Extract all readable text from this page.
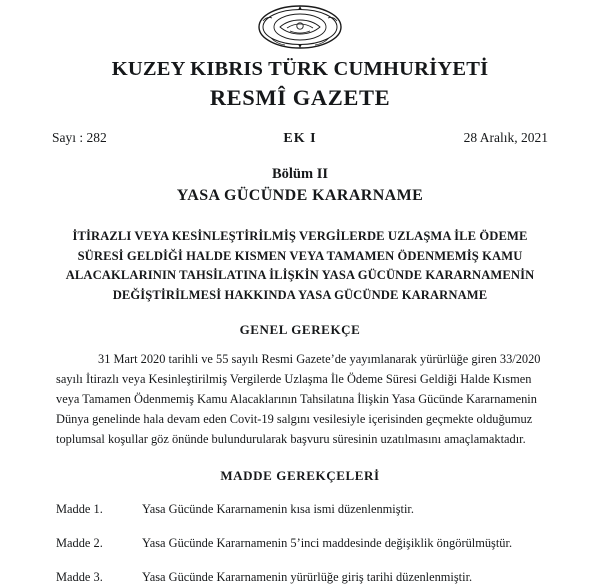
KUZEY KIBRIS TÜRK CUMHURİYETİ
RESMÎ GAZETE
Sayı : 282	EK I	28 Aralık, 2021
Bölüm II
YASA GÜCÜNDE KARARNAME
İTİRAZLI VEYA KESİNLEŞTİRİLMİŞ VERGİLERDE UZLAŞMA İLE ÖDEME
SÜRESİ GELDİĞİ HALDE KISMEN VEYA TAMAMEN ÖDENMEMİŞ KAMU
ALACAKLARININ TAHSİLATINA İLİŞKİN YASA GÜCÜNDE KARARNAMENİN
DEĞİŞTİRİLMESİ HAKKINDA YASA GÜCÜNDE KARARNAME
GENEL GEREKÇE
31 Mart 2020 tarihli ve 55 sayılı Resmi Gazete’de yayımlanarak yürürlüğe giren 33/2020
sayılı İtirazlı veya Kesinleştirilmiş Vergilerde Uzlaşma İle Ödeme Süresi Geldiği Halde Kısmen
veya Tamamen Ödenmemiş Kamu Alacaklarının Tahsilatına İlişkin Yasa Gücünde Kararnamenin
Dünya genelinde hala devam eden Covit-19 salgını vesilesiyle içerisinden geçmekte olduğumuz
toplumsal koşullar göz önünde bulundurularak başvuru süresinin uzatılmasını amaçlamaktadır.
MADDE GEREKÇELERİ
Madde 1.	Yasa Gücünde Kararnamenin kısa ismi düzenlenmiştir.
Madde 2.	Yasa Gücünde Kararnamenin 5’inci maddesinde değişiklik öngörülmüştür.
Madde 3.	Yasa Gücünde Kararnamenin yürürlüğe giriş tarihi düzenlenmiştir.
